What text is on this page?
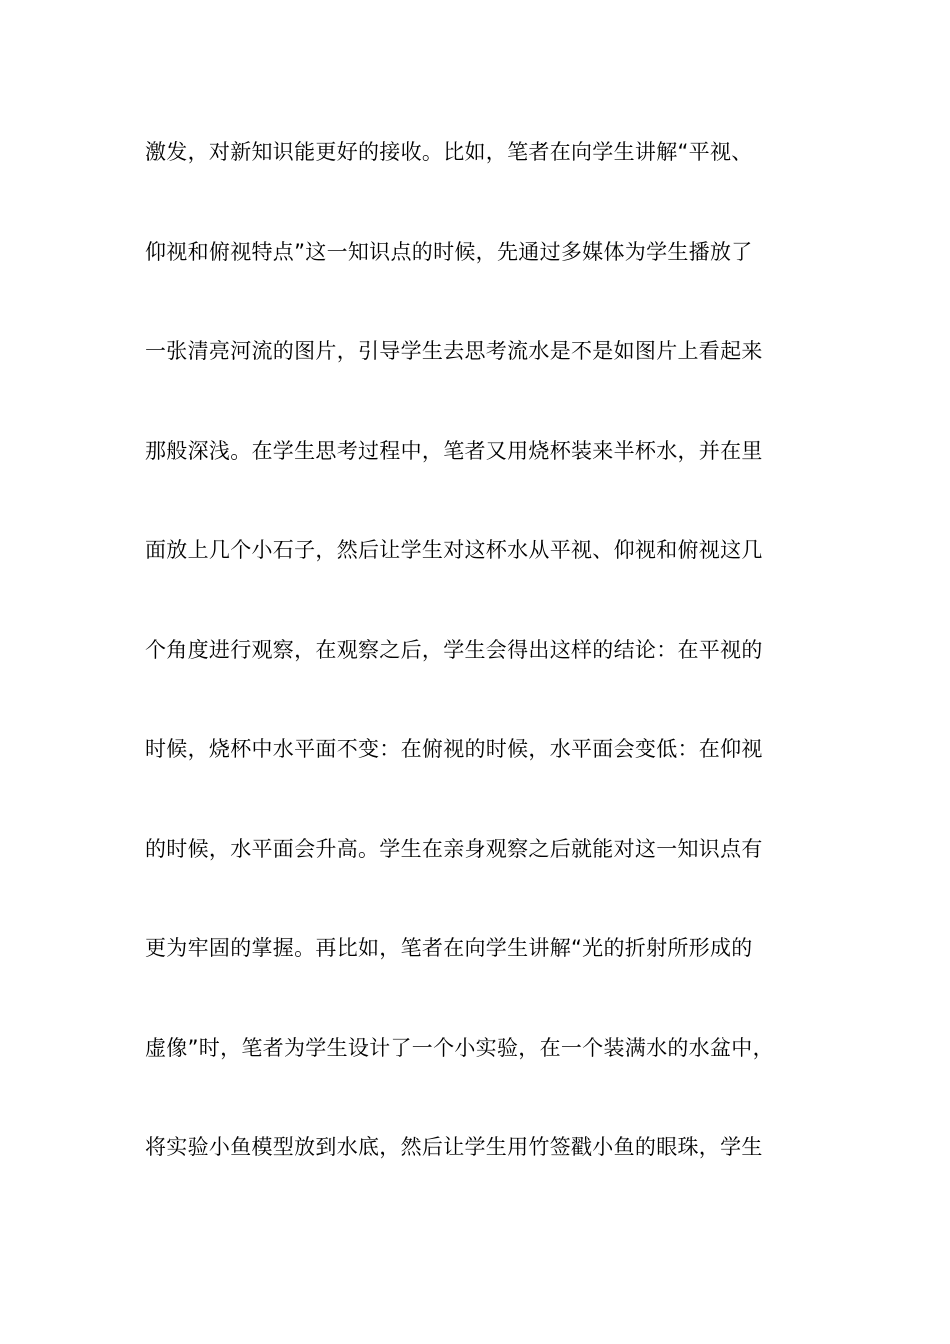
激发，对新知识能更好的接收。比如，笔者在向学生讲解“平视、
仰视和俯视特点”这一知识点的时候，先通过多媒体为学生播放了
一张清亮河流的图片，引导学生去思考流水是不是如图片上看起来
那般深浅。在学生思考过程中，笔者又用烧杯装来半杯水，并在里
面放上几个小石子，然后让学生对这杯水从平视、仰视和俯视这几
个角度进行观察，在观察之后，学生会得出这样的结论：在平视的
时候，烧杯中水平面不变：在俯视的时候，水平面会变低：在仰视
的时候，水平面会升高。学生在亲身观察之后就能对这一知识点有
更为牢固的掌握。再比如，笔者在向学生讲解“光的折射所形成的
虚像”时，笔者为学生设计了一个小实验，在一个装满水的水盆中，
将实验小鱼模型放到水底，然后让学生用竹签戳小鱼的眼珠，学生
